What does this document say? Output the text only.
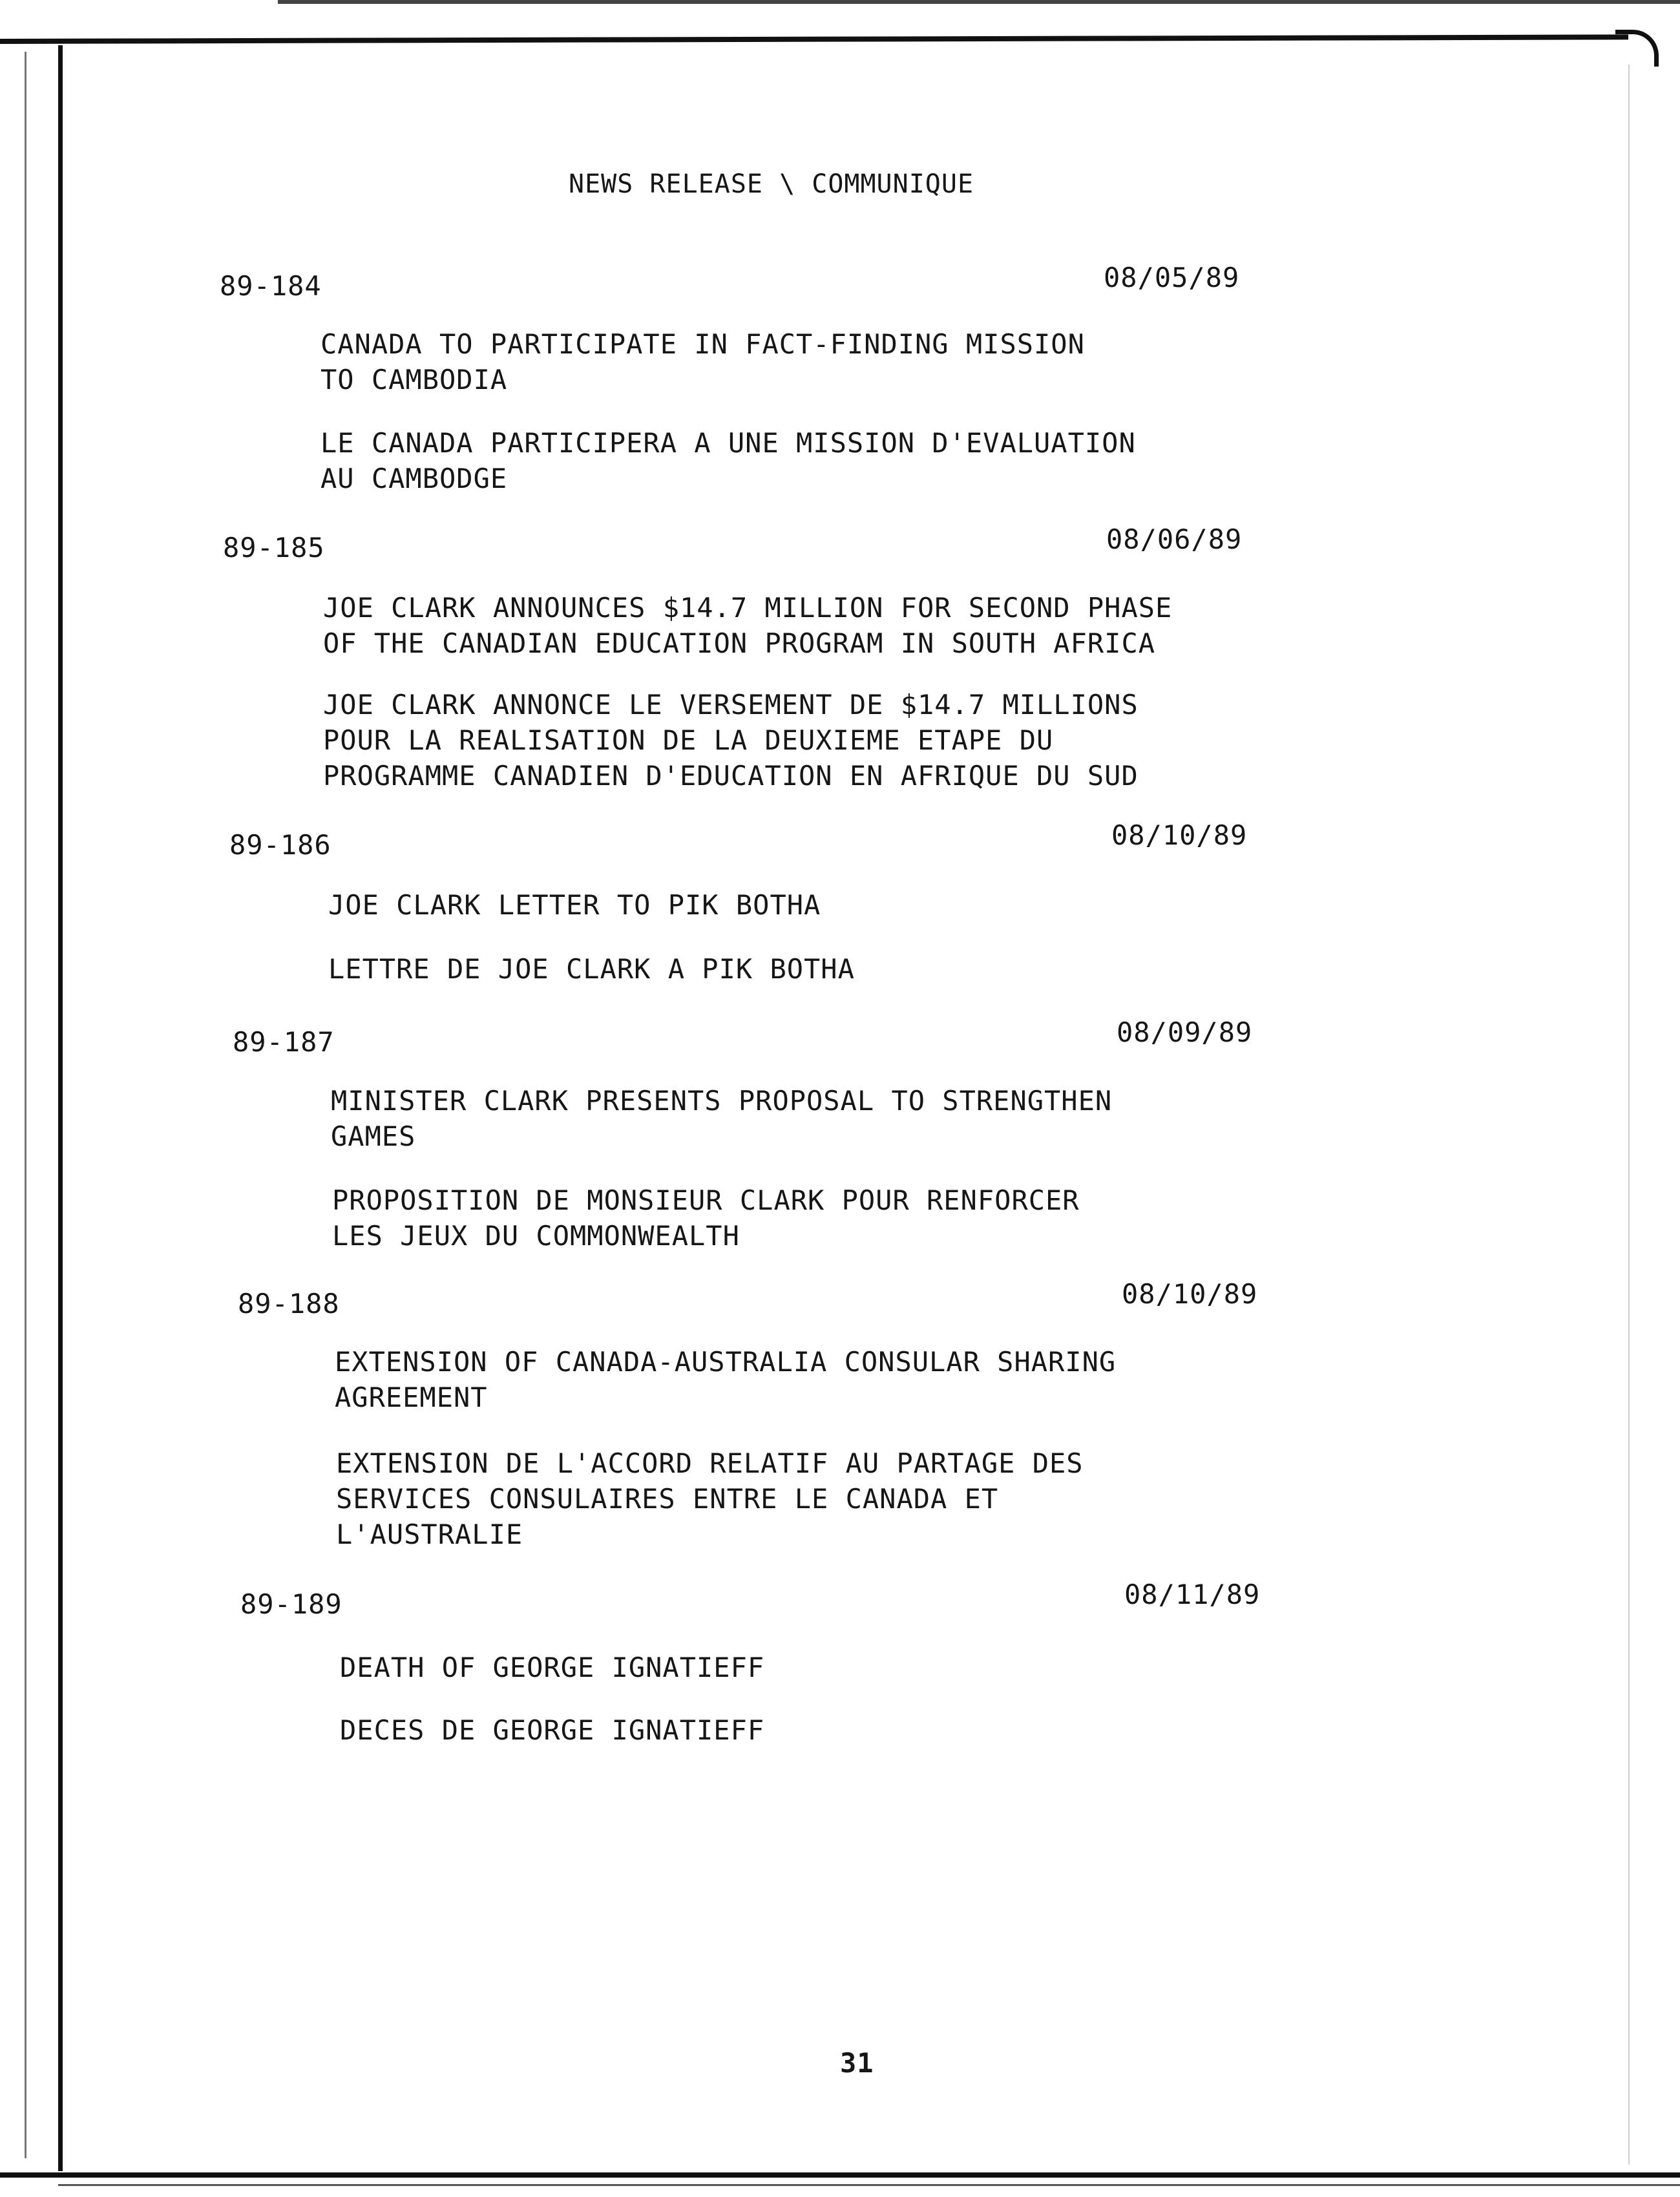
NEWS RELEASE \ COMMUNIQUE
89-184	08/05/89
CANADA TO PARTICIPATE IN FACT-FINDING MISSION
TO CAMBODIA
LE CANADA PARTICIPERA A UNE MISSION D'EVALUATION
AU CAMBODGE
89-185	08/06/89
JOE CLARK ANNOUNCES $14.7 MILLION FOR SECOND PHASE
OF THE CANADIAN EDUCATION PROGRAM IN SOUTH AFRICA
JOE CLARK ANNONCE LE VERSEMENT DE $14.7 MILLIONS
POUR LA REALISATION DE LA DEUXIEME ETAPE DU
PROGRAMME CANADIEN D'EDUCATION EN AFRIQUE DU SUD
89-186	08/10/89
JOE CLARK LETTER TO PIK BOTHA
LETTRE DE JOE CLARK A PIK BOTHA
89-187	08/09/89
MINISTER CLARK PRESENTS PROPOSAL TO STRENGTHEN
GAMES
PROPOSITION DE MONSIEUR CLARK POUR RENFORCER
LES JEUX DU COMMONWEALTH
89-188	08/10/89
EXTENSION OF CANADA-AUSTRALIA CONSULAR SHARING
AGREEMENT
EXTENSION DE L'ACCORD RELATIF AU PARTAGE DES
SERVICES CONSULAIRES ENTRE LE CANADA ET
L'AUSTRALIE
89-189	08/11/89
DEATH OF GEORGE IGNATIEFF
DECES DE GEORGE IGNATIEFF
31
